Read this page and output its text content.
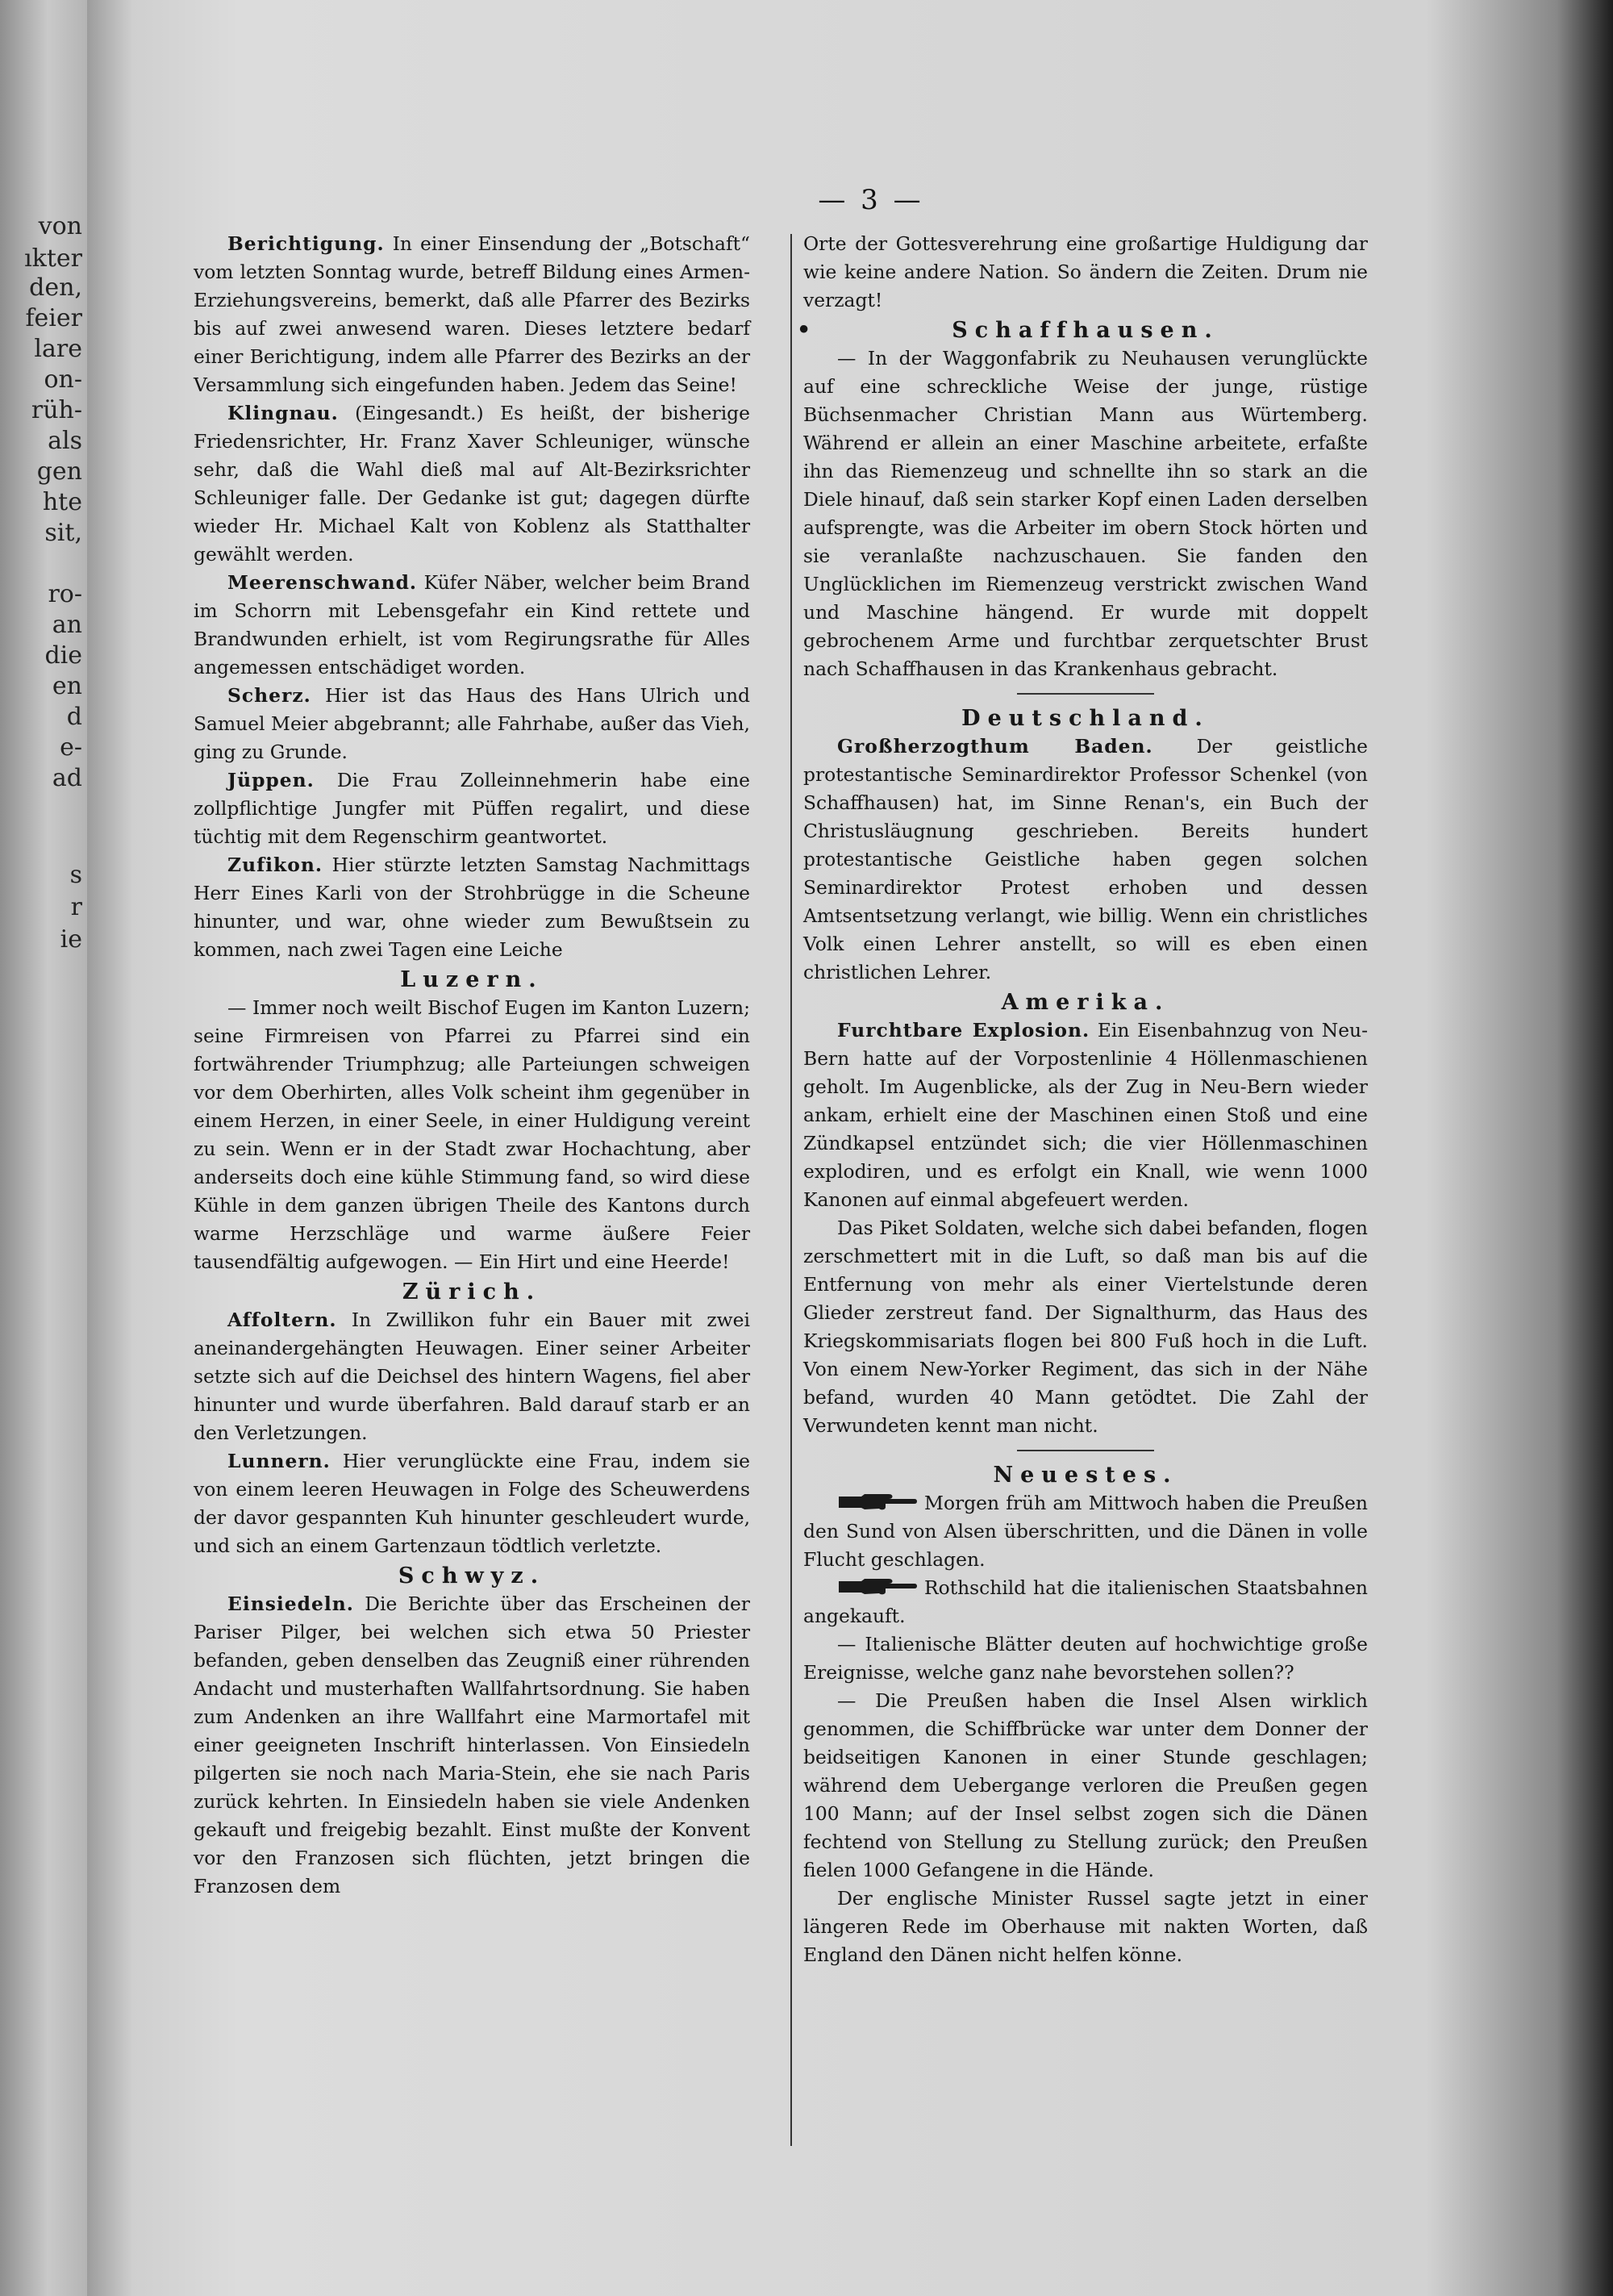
von
ıkter
den,
feier
lare
on-
rüh-
als
gen
hte
sit,
ro-
an
die
en
d
e-
ad
s
r
ie
— 3 —

Berichtigung. In einer Einsendung der „Botschaft“ vom letzten Sonntag wurde, betreff Bildung eines Armen-Erziehungsvereins, bemerkt, daß alle Pfarrer des Bezirks bis auf zwei anwesend waren. Dieses letztere bedarf einer Berichtigung, indem alle Pfarrer des Bezirks an der Versammlung sich eingefunden haben. Jedem das Seine!

Klingnau. (Eingesandt.) Es heißt, der bisherige Friedensrichter, Hr. Franz Xaver Schleuniger, wünsche sehr, daß die Wahl dieß mal auf Alt-Bezirksrichter Schleuniger falle. Der Gedanke ist gut; dagegen dürfte wieder Hr. Michael Kalt von Koblenz als Statthalter gewählt werden.

Meerenschwand. Küfer Näber, welcher beim Brand im Schorrn mit Lebensgefahr ein Kind rettete und Brandwunden erhielt, ist vom Regirungsrathe für Alles angemessen entschädiget worden.

Scherz. Hier ist das Haus des Hans Ulrich und Samuel Meier abgebrannt; alle Fahrhabe, außer das Vieh, ging zu Grunde.

Jüppen. Die Frau Zolleinnehmerin habe eine zollpflichtige Jungfer mit Püffen regalirt, und diese tüchtig mit dem Regenschirm geantwortet.

Zufikon. Hier stürzte letzten Samstag Nachmittags Herr Eines Karli von der Strohbrügge in die Scheune hinunter, und war, ohne wieder zum Bewußtsein zu kommen, nach zwei Tagen eine Leiche

Luzern.

— Immer noch weilt Bischof Eugen im Kanton Luzern; seine Firmreisen von Pfarrei zu Pfarrei sind ein fortwährender Triumphzug; alle Parteiungen schweigen vor dem Oberhirten, alles Volk scheint ihm gegenüber in einem Herzen, in einer Seele, in einer Huldigung vereint zu sein. Wenn er in der Stadt zwar Hochachtung, aber anderseits doch eine kühle Stimmung fand, so wird diese Kühle in dem ganzen übrigen Theile des Kantons durch warme Herzschläge und warme äußere Feier tausendfältig aufgewogen. — Ein Hirt und eine Heerde!

Zürich.

Affoltern. In Zwillikon fuhr ein Bauer mit zwei aneinandergehängten Heuwagen. Einer seiner Arbeiter setzte sich auf die Deichsel des hintern Wagens, fiel aber hinunter und wurde überfahren. Bald darauf starb er an den Verletzungen.

Lunnern. Hier verunglückte eine Frau, indem sie von einem leeren Heuwagen in Folge des Scheuwerdens der davor gespannten Kuh hinunter geschleudert wurde, und sich an einem Gartenzaun tödtlich verletzte.

Schwyz.

Einsiedeln. Die Berichte über das Erscheinen der Pariser Pilger, bei welchen sich etwa 50 Priester befanden, geben denselben das Zeugniß einer rührenden Andacht und musterhaften Wallfahrtsordnung. Sie haben zum Andenken an ihre Wallfahrt eine Marmortafel mit einer geeigneten Inschrift hinterlassen. Von Einsiedeln pilgerten sie noch nach Maria-Stein, ehe sie nach Paris zurück kehrten. In Einsiedeln haben sie viele Andenken gekauft und freigebig bezahlt. Einst mußte der Konvent vor den Franzosen sich flüchten, jetzt bringen die Franzosen dem

Orte der Gottesverehrung eine großartige Huldigung dar wie keine andere Nation. So ändern die Zeiten. Drum nie verzagt!

•	Schaffhausen.

— In der Waggonfabrik zu Neuhausen verunglückte auf eine schreckliche Weise der junge, rüstige Büchsenmacher Christian Mann aus Würtemberg. Während er allein an einer Maschine arbeitete, erfaßte ihn das Riemenzeug und schnellte ihn so stark an die Diele hinauf, daß sein starker Kopf einen Laden derselben aufsprengte, was die Arbeiter im obern Stock hörten und sie veranlaßte nachzuschauen. Sie fanden den Unglücklichen im Riemenzeug verstrickt zwischen Wand und Maschine hängend. Er wurde mit doppelt gebrochenem Arme und furchtbar zerquetschter Brust nach Schaffhausen in das Krankenhaus gebracht.

Deutschland.

Großherzogthum Baden. Der geistliche protestantische Seminardirektor Professor Schenkel (von Schaffhausen) hat, im Sinne Renan's, ein Buch der Christusläugnung geschrieben. Bereits hundert protestantische Geistliche haben gegen solchen Seminardirektor Protest erhoben und dessen Amtsentsetzung verlangt, wie billig. Wenn ein christliches Volk einen Lehrer anstellt, so will es eben einen christlichen Lehrer.

Amerika.

Furchtbare Explosion. Ein Eisenbahnzug von Neu-Bern hatte auf der Vorpostenlinie 4 Höllenmaschienen geholt. Im Augenblicke, als der Zug in Neu-Bern wieder ankam, erhielt eine der Maschinen einen Stoß und eine Zündkapsel entzündet sich; die vier Höllenmaschinen explodiren, und es erfolgt ein Knall, wie wenn 1000 Kanonen auf einmal abgefeuert werden.

Das Piket Soldaten, welche sich dabei befanden, flogen zerschmettert mit in die Luft, so daß man bis auf die Entfernung von mehr als einer Viertelstunde deren Glieder zerstreut fand. Der Signalthurm, das Haus des Kriegskommisariats flogen bei 800 Fuß hoch in die Luft. Von einem New-Yorker Regiment, das sich in der Nähe befand, wurden 40 Mann getödtet. Die Zahl der Verwundeten kennt man nicht.

Neuestes.

Morgen früh am Mittwoch haben die Preußen den Sund von Alsen überschritten, und die Dänen in volle Flucht geschlagen.

Rothschild hat die italienischen Staatsbahnen angekauft.

— Italienische Blätter deuten auf hochwichtige große Ereignisse, welche ganz nahe bevorstehen sollen??

— Die Preußen haben die Insel Alsen wirklich genommen, die Schiffbrücke war unter dem Donner der beidseitigen Kanonen in einer Stunde geschlagen; während dem Uebergange verloren die Preußen gegen 100 Mann; auf der Insel selbst zogen sich die Dänen fechtend von Stellung zu Stellung zurück; den Preußen fielen 1000 Gefangene in die Hände.

Der englische Minister Russel sagte jetzt in einer längeren Rede im Oberhause mit nakten Worten, daß England den Dänen nicht helfen könne.
